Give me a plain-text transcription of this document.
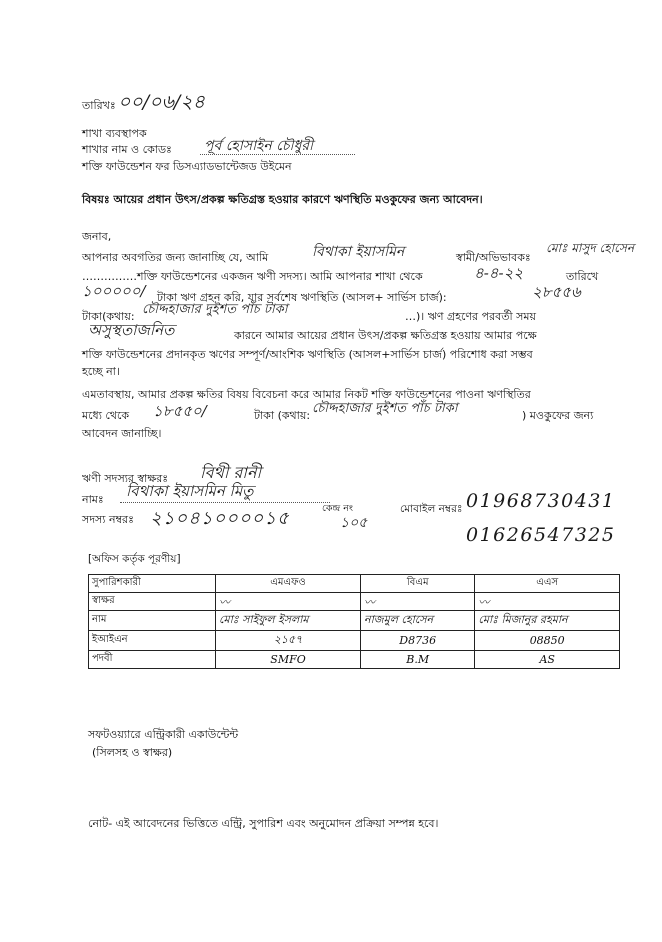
তারিখঃ ০০/০৬/২৪
শাখা ব্যবস্থাপক
শাখার নাম ও কোডঃ পূর্ব হোসাইন চৌধুরী
শক্তি ফাউন্ডেশন ফর ডিসএ্যাডভান্টেজড উইমেন
বিষয়ঃ আয়ের প্রধান উৎস/প্রকল্প ক্ষতিগ্রস্ত হওয়ার কারণে ঋণস্থিতি মওকুফের জন্য আবেদন।
জনাব,
আপনার অবগতির জন্য জানাচ্ছি যে, আমি	বিথাকা ইয়াসমিন	স্বামী/অভিভাবকঃ
মোঃ মাসুদ হোসেন
……………শক্তি ফাউন্ডেশনের একজন ঋণী সদস্য। আমি আপনার শাখা থেকে	৪-৪-২২	তারিখে
১০০০০০/ টাকা ঋণ গ্রহন করি, যার সর্বশেষ ঋণস্থিতি (আসল+ সার্ভিস চার্জ):	২৮৫৫৬
টাকা(কথায়: চৌদ্দহাজার দুইশত পাঁচ টাকা	…)। ঋণ গ্রহণের পরবর্তী সময়
অসুস্থতাজনিত	কারনে আমার আয়ের প্রধান উৎস/প্রকল্প ক্ষতিগ্রস্ত হওয়ায় আমার পক্ষে
শক্তি ফাউন্ডেশনের প্রদানকৃত ঋণের সম্পূর্ণ/আংশিক ঋণস্থিতি (আসল+সার্ভিস চার্জ) পরিশোধ করা সম্ভব
হচ্ছে না।
এমতাবস্থায়, আমার প্রকল্প ক্ষতির বিষয় বিবেচনা করে আমার নিকট শক্তি ফাউন্ডেশনের পাওনা ঋণস্থিতির
মধ্যে থেকে ১৮৫৫০/	টাকা (কথায়: চৌদ্দহাজার দুইশত পাঁচ টাকা	) মওকুফের জন্য
আবেদন জানাচ্ছি।
ঋণী সদস্যর স্বাক্ষরঃ বিথী রানী
নামঃ বিথাকা ইয়াসমিন মিতু
সদস্য নম্বরঃ ২১০৪১০০০০১৫	কেন্দ্র নং
১০৫
মোবাইল নম্বরঃ 01968730431
01626547325
[অফিস কর্তৃক পূরণীয়]
সুপারিশকারী	এমএফও	বিএম	এএস
স্বাক্ষর	〰	〰	〰
নাম	মোঃ সাইফুল ইসলাম	নাজমুল হোসেন	মোঃ মিজানুর রহমান
ইআইএন	২১৫৭	D8736	08850
পদবী	SMFO	B.M	AS
সফটওয়্যারে এন্ট্রিকারী একাউন্টেন্ট
(সিলসহ ও স্বাক্ষর)
নোট- এই আবেদনের ভিত্তিতে এন্ট্রি, সুপারিশ এবং অনুমোদন প্রক্রিয়া সম্পন্ন হবে।
